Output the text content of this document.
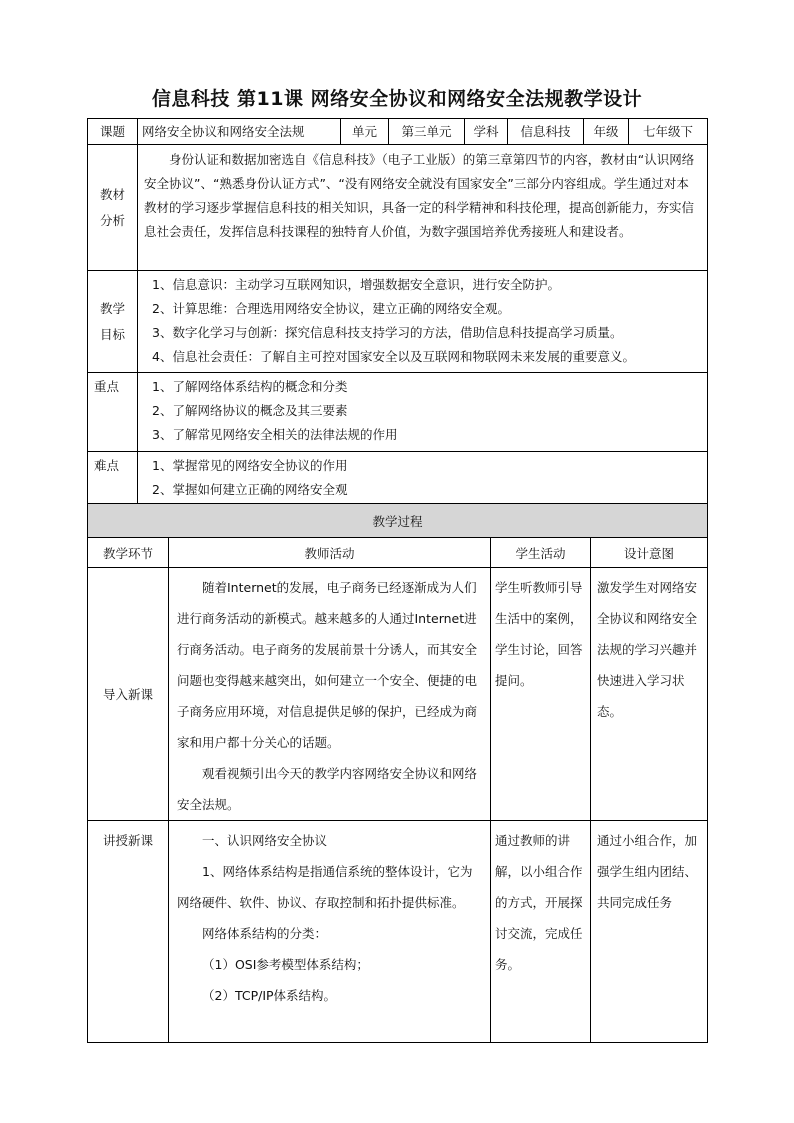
信息科技 第11课 网络安全协议和网络安全法规教学设计
课题	网络安全协议和网络安全法规	单元	第三单元	学科	信息科技	年级	七年级下
教材分析	身份认证和数据加密选自《信息科技》（电子工业版）的第三章第四节的内容，教材由“认识网络安全协议”、“熟悉身份认证方式”、“没有网络安全就没有国家安全”三部分内容组成。学生通过对本教材的学习逐步掌握信息科技的相关知识，具备一定的科学精神和科技伦理，提高创新能力，夯实信息社会责任，发挥信息科技课程的独特育人价值，为数字强国培养优秀接班人和建设者。						

教学目标	1、信息意识：主动学习互联网知识，增强数据安全意识，进行安全防护。
2、计算思维：合理选用网络安全协议，建立正确的网络安全观。
3、数字化学习与创新：探究信息科技支持学习的方法，借助信息科技提高学习质量。
4、信息社会责任：了解自主可控对国家安全以及互联网和物联网未来发展的重要意义。						

重点	1、了解网络体系结构的概念和分类
2、了解网络协议的概念及其三要素
3、了解常见网络安全相关的法律法规的作用						

难点	1、掌握常见的网络安全协议的作用
2、掌握如何建立正确的网络安全观						
教学过程			
教学环节	教师活动	学生活动	设计意图
导入新课	随着Internet的发展，电子商务已经逐渐成为人们进行商务活动的新模式。越来越多的人通过Internet进行商务活动。电子商务的发展前景十分诱人，而其安全问题也变得越来越突出，如何建立一个安全、便捷的电子商务应用环境，对信息提供足够的保护，已经成为商家和用户都十分关心的话题。
观看视频引出今天的教学内容网络安全协议和网络安全法规。	学生听教师引导生活中的案例，学生讨论，回答提问。	激发学生对网络安全协议和网络安全法规的学习兴趣并快速进入学习状态。
讲授新课	一、认识网络安全协议
1、网络体系结构是指通信系统的整体设计，它为网络硬件、软件、协议、存取控制和拓扑提供标准。
网络体系结构的分类：
（1）OSI参考模型体系结构；
（2）TCP/IP体系结构。	通过教师的讲解，以小组合作的方式，开展探讨交流，完成任务。	通过小组合作，加强学生组内团结、共同完成任务
